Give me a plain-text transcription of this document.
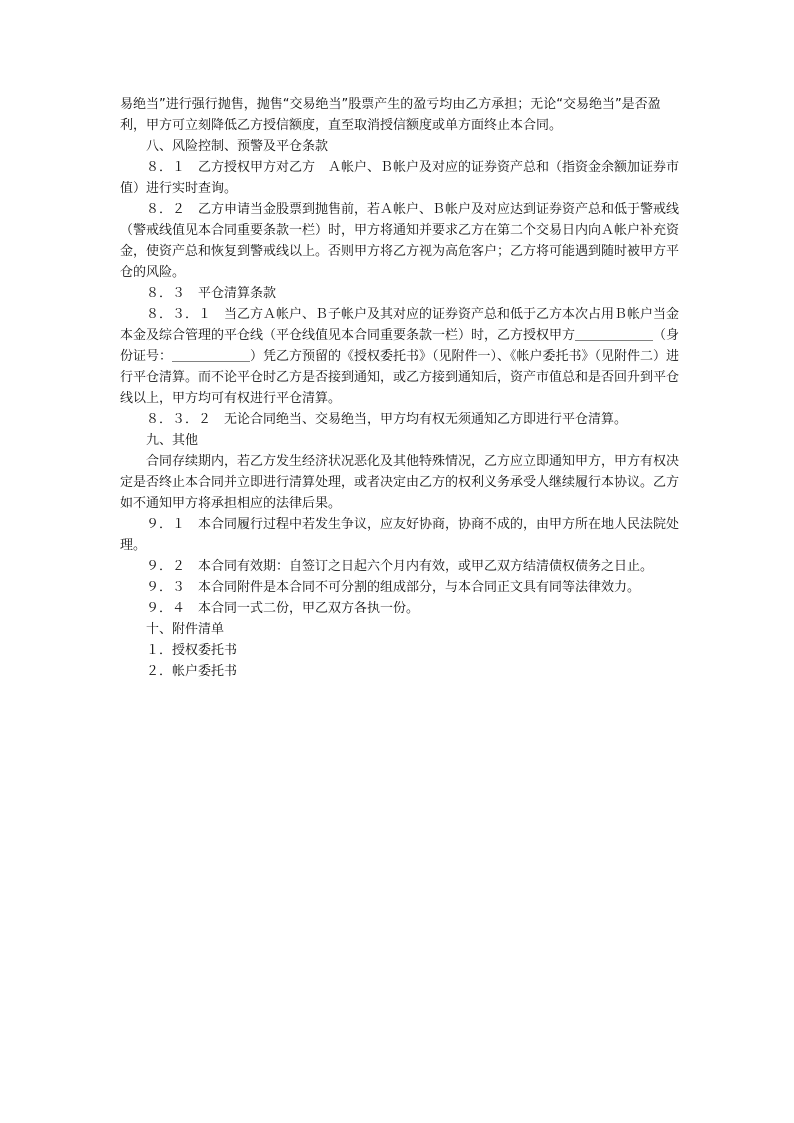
易绝当”进行强行抛售，抛售“交易绝当”股票产生的盈亏均由乙方承担；无论“交易绝当”是否盈利，甲方可立刻降低乙方授信额度，直至取消授信额度或单方面终止本合同。

八、风险控制、预警及平仓条款

８．１　乙方授权甲方对乙方　Ａ帐户、Ｂ帐户及对应的证券资产总和（指资金余额加证券市值）进行实时查询。

８．２　乙方申请当金股票到抛售前，若Ａ帐户、Ｂ帐户及对应达到证券资产总和低于警戒线（警戒线值见本合同重要条款一栏）时，甲方将通知并要求乙方在第二个交易日内向Ａ帐户补充资金，使资产总和恢复到警戒线以上。否则甲方将乙方视为高危客户；乙方将可能遇到随时被甲方平仓的风险。

８．３　平仓清算条款

８．３．１　当乙方Ａ帐户、Ｂ子帐户及其对应的证券资产总和低于乙方本次占用Ｂ帐户当金本金及综合管理的平仓线（平仓线值见本合同重要条款一栏）时，乙方授权甲方＿＿＿＿＿＿（身份证号：＿＿＿＿＿＿）凭乙方预留的《授权委托书》（见附件一）、《帐户委托书》（见附件二）进行平仓清算。而不论平仓时乙方是否接到通知，或乙方接到通知后，资产市值总和是否回升到平仓线以上，甲方均可有权进行平仓清算。

８．３．２　无论合同绝当、交易绝当，甲方均有权无须通知乙方即进行平仓清算。

九、其他

合同存续期内，若乙方发生经济状况恶化及其他特殊情况，乙方应立即通知甲方，甲方有权决定是否终止本合同并立即进行清算处理，或者决定由乙方的权利义务承受人继续履行本协议。乙方如不通知甲方将承担相应的法律后果。

９．１　本合同履行过程中若发生争议，应友好协商，协商不成的，由甲方所在地人民法院处理。

９．２　本合同有效期：自签订之日起六个月内有效，或甲乙双方结清债权债务之日止。

９．３　本合同附件是本合同不可分割的组成部分，与本合同正文具有同等法律效力。

９．４　本合同一式二份，甲乙双方各执一份。

十、附件清单

１．授权委托书

２．帐户委托书
